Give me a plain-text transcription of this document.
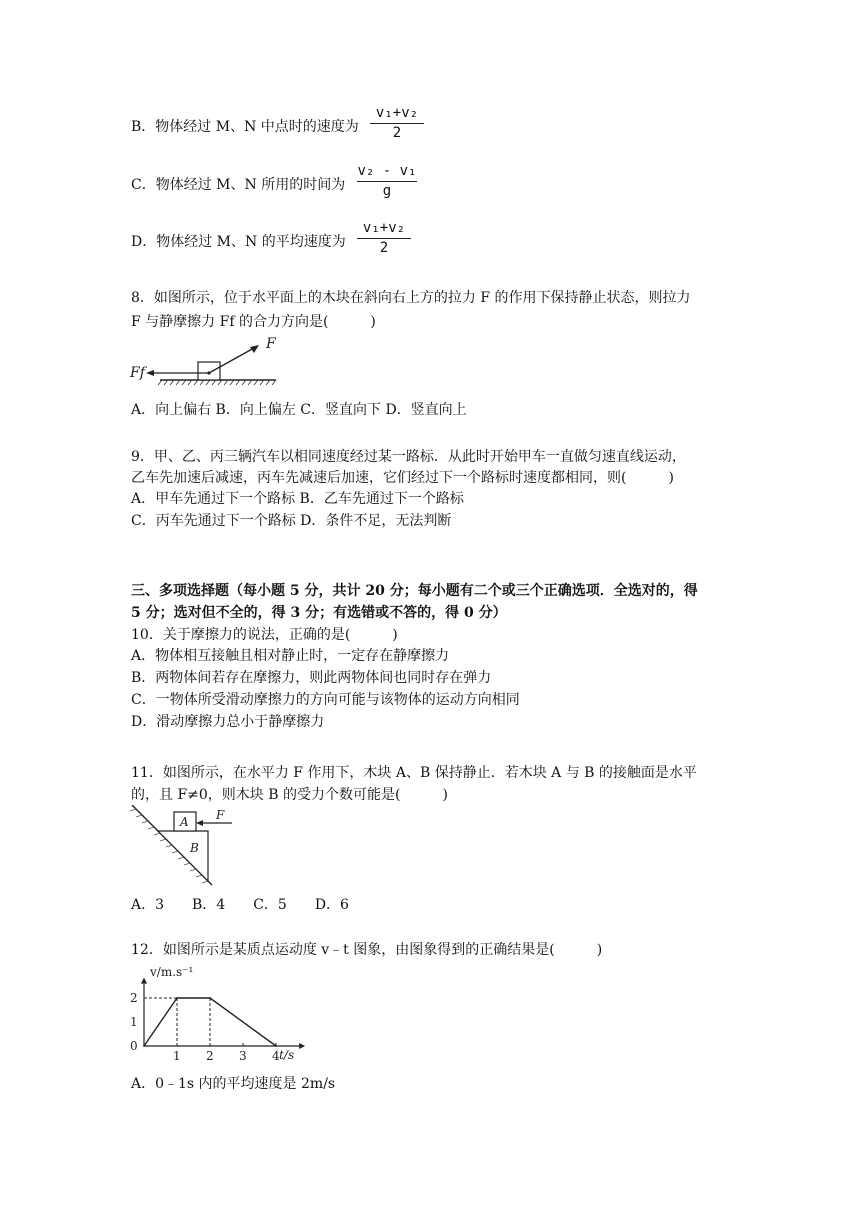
B．物体经过 M、N 中点时的速度为
v₁+v₂
2
C．物体经过 M、N 所用的时间为
v₂ - v₁
g
D．物体经过 M、N 的平均速度为
v₁+v₂
2
8．如图所示，位于水平面上的木块在斜向右上方的拉力 F 的作用下保持静止状态，则拉力
F 与静摩擦力 Ff 的合力方向是(　　　)
F
Ff
A．向上偏右 B．向上偏左 C．竖直向下 D．竖直向上
9．甲、乙、丙三辆汽车以相同速度经过某一路标．从此时开始甲车一直做匀速直线运动，
乙车先加速后减速，丙车先减速后加速，它们经过下一个路标时速度都相同，则(　　　)
A．甲车先通过下一个路标 B．乙车先通过下一个路标
C．丙车先通过下一个路标 D．条件不足，无法判断
三、多项选择题（每小题 5 分，共计 20 分；每小题有二个或三个正确选项．全选对的，得
5 分；选对但不全的，得 3 分；有选错或不答的，得 0 分）
10．关于摩擦力的说法，正确的是(　　　)
A．物体相互接触且相对静止时，一定存在静摩擦力
B．两物体间若存在摩擦力，则此两物体间也同时存在弹力
C．一物体所受滑动摩擦力的方向可能与该物体的运动方向相同
D．滑动摩擦力总小于静摩擦力
11．如图所示，在水平力 F 作用下，木块 A、B 保持静止．若木块 A 与 B 的接触面是水平
的，且 F≠0，则木块 B 的受力个数可能是(　　　)
A
B
F
A．3　　B．4　　C．5　　D．6
12．如图所示是某质点运动度 v﹣t 图象，由图象得到的正确结果是(　　　)
1 2 3 4
0
1
2
v/m.s⁻¹
t/s
A．0﹣1s 内的平均速度是 2m/s
